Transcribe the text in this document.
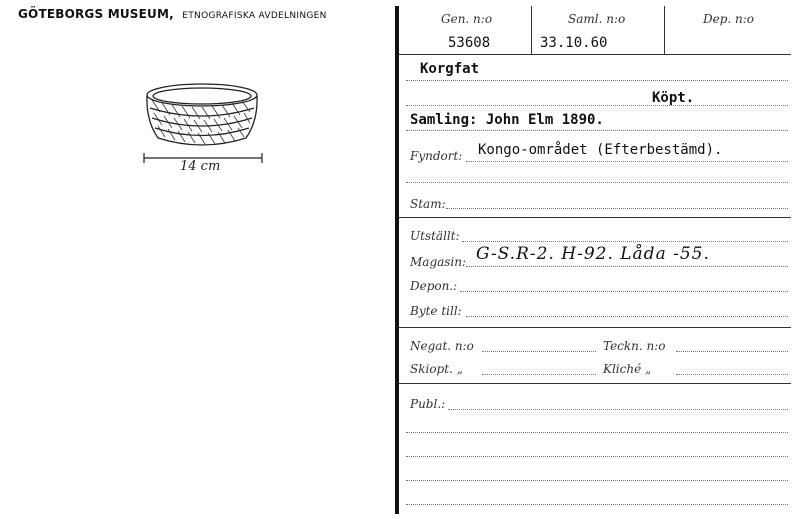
GÖTEBORGS MUSEUM, ETNOGRAFISKA AVDELNINGEN
14 cm
Gen. n:o	Saml. n:o	Dep. n:o
53608	33.10.60
Korgfat
Köpt.
Samling: John Elm 1890.
Fyndort: Kongo-området (Efterbestämd).
Stam:
Utställt:
Magasin: G-S.R-2. H-92. Låda -55.
Depon.:
Byte till:
Negat. n:o	Teckn. n:o
Skiopt. „	Kliché „
Publ.:
